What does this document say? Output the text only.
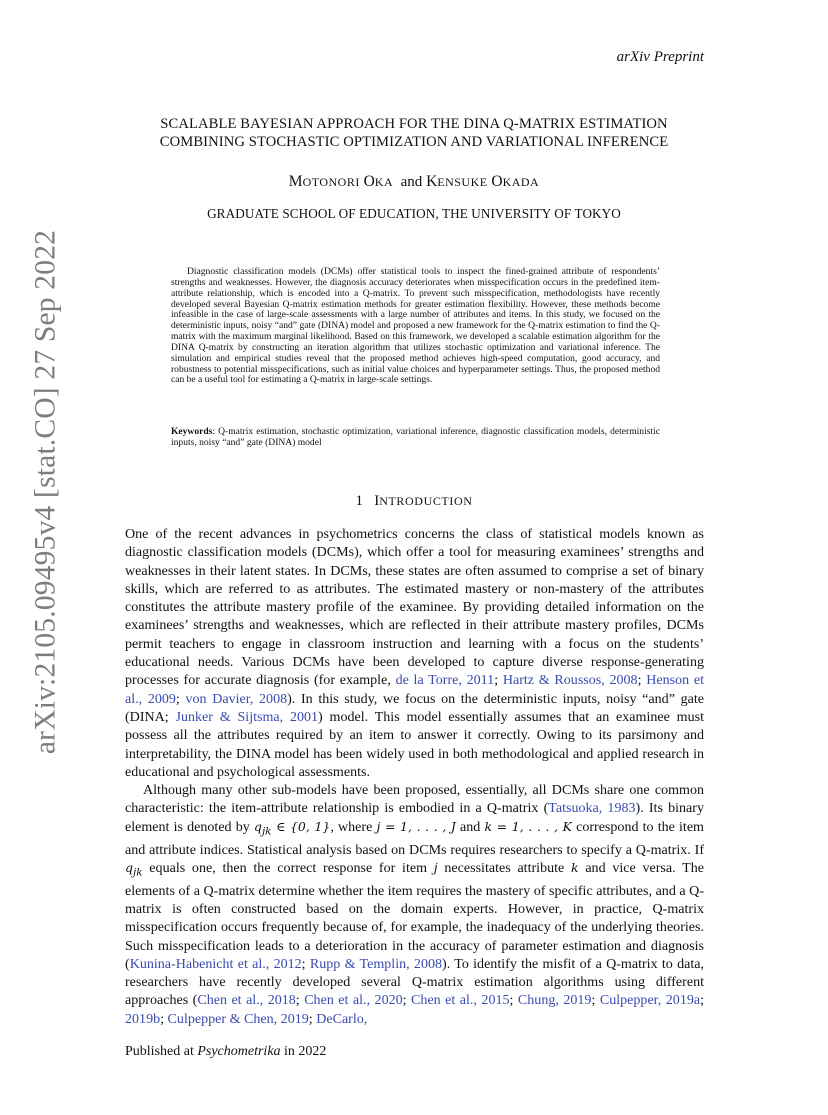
arXiv Preprint
arXiv:2105.09495v4 [stat.CO] 27 Sep 2022
SCALABLE BAYESIAN APPROACH FOR THE DINA Q-MATRIX ESTIMATION
COMBINING STOCHASTIC OPTIMIZATION AND VARIATIONAL INFERENCE
MOTONORI OKA and KENSUKE OKADA
GRADUATE SCHOOL OF EDUCATION, THE UNIVERSITY OF TOKYO
Diagnostic classification models (DCMs) offer statistical tools to inspect the fined-grained attribute of respondents’ strengths and weaknesses. However, the diagnosis accuracy deteriorates when misspecification occurs in the predefined item-attribute relationship, which is encoded into a Q-matrix. To prevent such misspecification, methodologists have recently developed several Bayesian Q-matrix estimation methods for greater estimation flexibility. However, these methods become infeasible in the case of large-scale assessments with a large number of attributes and items. In this study, we focused on the deterministic inputs, noisy “and” gate (DINA) model and proposed a new framework for the Q-matrix estimation to find the Q-matrix with the maximum marginal likelihood. Based on this framework, we developed a scalable estimation algorithm for the DINA Q-matrix by constructing an iteration algorithm that utilizes stochastic optimization and variational inference. The simulation and empirical studies reveal that the proposed method achieves high-speed computation, good accuracy, and robustness to potential misspecifications, such as initial value choices and hyperparameter settings. Thus, the proposed method can be a useful tool for estimating a Q-matrix in large-scale settings.
Keywords: Q-matrix estimation, stochastic optimization, variational inference, diagnostic classification models, deterministic inputs, noisy “and” gate (DINA) model
1 INTRODUCTION

One of the recent advances in psychometrics concerns the class of statistical models known as diagnostic classification models (DCMs), which offer a tool for measuring examinees’ strengths and weaknesses in their latent states. In DCMs, these states are often assumed to comprise a set of binary skills, which are referred to as attributes. The estimated mastery or non-mastery of the attributes constitutes the attribute mastery profile of the examinee. By providing detailed information on the examinees’ strengths and weaknesses, which are reflected in their attribute mastery profiles, DCMs permit teachers to engage in classroom instruction and learning with a focus on the students’ educational needs. Various DCMs have been developed to capture diverse response-generating processes for accurate diagnosis (for example, de la Torre, 2011; Hartz & Roussos, 2008; Henson et al., 2009; von Davier, 2008). In this study, we focus on the deterministic inputs, noisy “and” gate (DINA; Junker & Sijtsma, 2001) model. This model essentially assumes that an examinee must possess all the attributes required by an item to answer it correctly. Owing to its parsimony and interpretability, the DINA model has been widely used in both methodological and applied research in educational and psychological assessments.

Although many other sub-models have been proposed, essentially, all DCMs share one common characteristic: the item-attribute relationship is embodied in a Q-matrix (Tatsuoka, 1983). Its binary element is denoted by $q_{jk}$ ∈ {0, 1}, where j = 1, . . . , J and k = 1, . . . , K correspond to the item and attribute indices. Statistical analysis based on DCMs requires researchers to specify a Q-matrix. If $q_{jk}$ equals one, then the correct response for item j necessitates attribute k and vice versa. The elements of a Q-matrix determine whether the item requires the mastery of specific attributes, and a Q-matrix is often constructed based on the domain experts. However, in practice, Q-matrix misspecification occurs frequently because of, for example, the inadequacy of the underlying theories. Such misspecification leads to a deterioration in the accuracy of parameter estimation and diagnosis (Kunina-Habenicht et al., 2012; Rupp & Templin, 2008). To identify the misfit of a Q-matrix to data, researchers have recently developed several Q-matrix estimation algorithms using different approaches (Chen et al., 2018; Chen et al., 2020; Chen et al., 2015; Chung, 2019; Culpepper, 2019a; 2019b; Culpepper & Chen, 2019; DeCarlo,

Published at Psychometrika in 2022
